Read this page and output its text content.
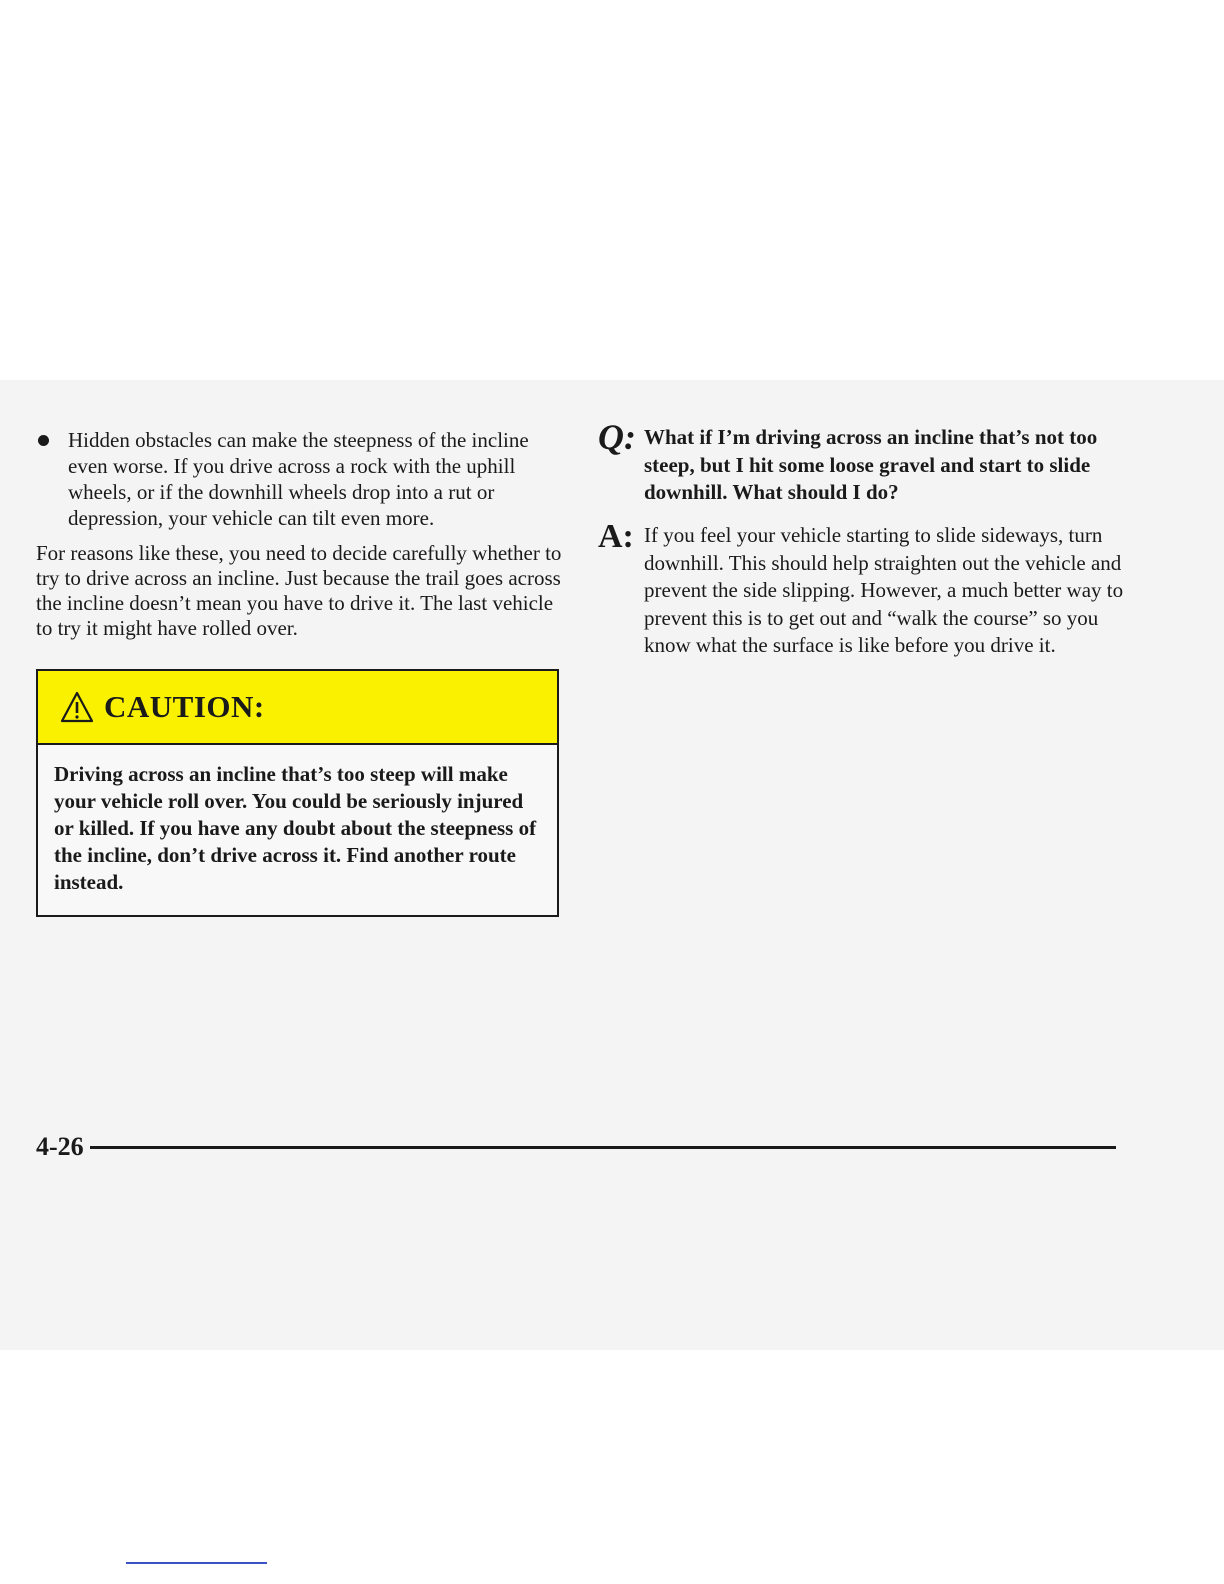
Hidden obstacles can make the steepness of the incline even worse. If you drive across a rock with the uphill wheels, or if the downhill wheels drop into a rut or depression, your vehicle can tilt even more.
For reasons like these, you need to decide carefully whether to try to drive across an incline. Just because the trail goes across the incline doesn’t mean you have to drive it. The last vehicle to try it might have rolled over.
CAUTION:
Driving across an incline that’s too steep will make your vehicle roll over. You could be seriously injured or killed. If you have any doubt about the steepness of the incline, don’t drive across it. Find another route instead.
Q: What if I’m driving across an incline that’s not too steep, but I hit some loose gravel and start to slide downhill. What should I do?
A: If you feel your vehicle starting to slide sideways, turn downhill. This should help straighten out the vehicle and prevent the side slipping. However, a much better way to prevent this is to get out and “walk the course” so you know what the surface is like before you drive it.
4-26
